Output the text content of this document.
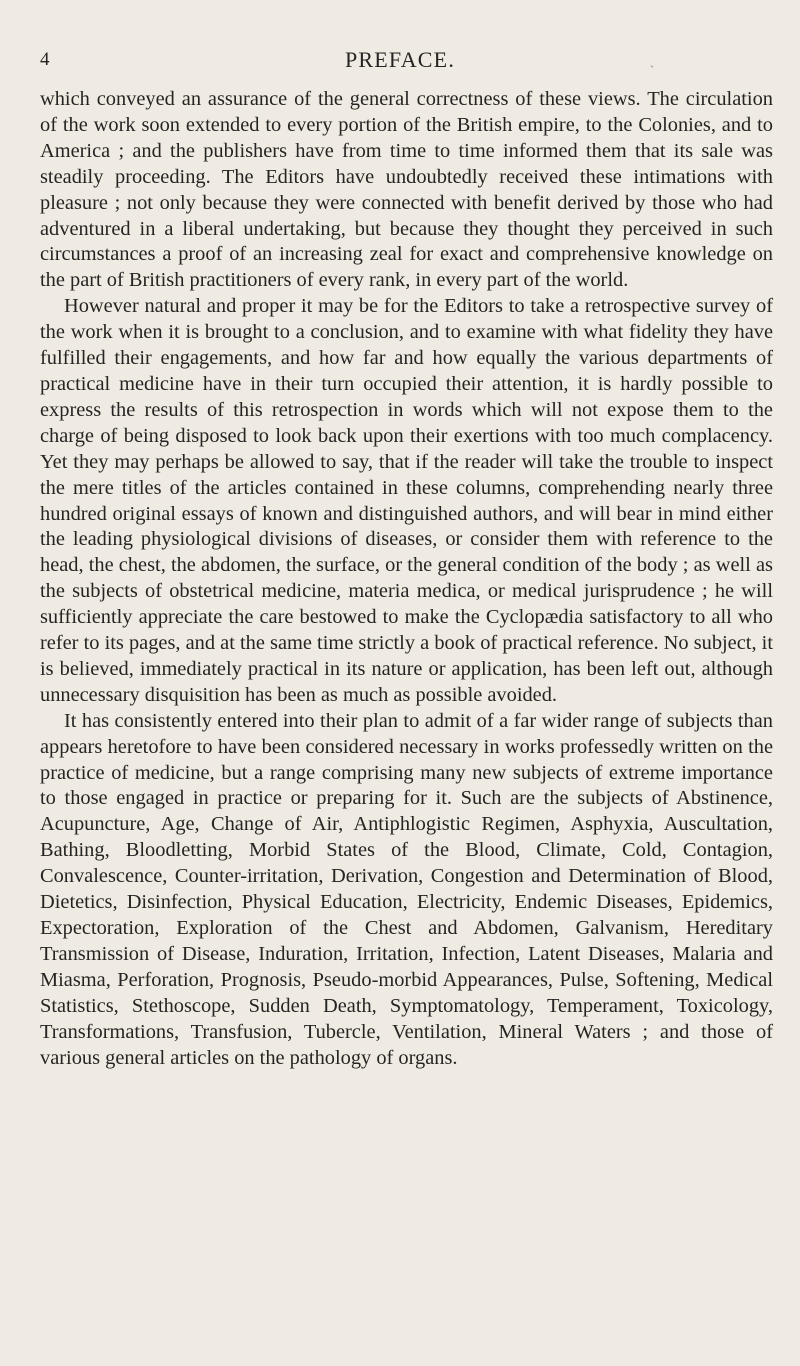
4	PREFACE.	ˎ

which conveyed an assurance of the general correctness of these views. The circulation of the work soon extended to every portion of the British empire, to the Colonies, and to America ; and the publishers have from time to time informed them that its sale was steadily proceeding. The Editors have undoubtedly received these intimations with pleasure ; not only because they were connected with benefit derived by those who had adventured in a liberal undertaking, but because they thought they perceived in such circumstances a proof of an increasing zeal for exact and comprehensive knowledge on the part of British practitioners of every rank, in every part of the world.

However natural and proper it may be for the Editors to take a retrospective survey of the work when it is brought to a conclusion, and to examine with what fidelity they have fulfilled their engagements, and how far and how equally the various departments of practical medicine have in their turn occupied their attention, it is hardly possible to express the results of this retrospection in words which will not expose them to the charge of being disposed to look back upon their exertions with too much complacency. Yet they may perhaps be allowed to say, that if the reader will take the trouble to inspect the mere titles of the articles contained in these columns, comprehending nearly three hundred original essays of known and distinguished authors, and will bear in mind either the leading physiological divisions of diseases, or consider them with reference to the head, the chest, the abdomen, the surface, or the general condition of the body ; as well as the subjects of obstetrical medicine, materia medica, or medical jurisprudence ; he will sufficiently appreciate the care bestowed to make the Cyclopædia satisfactory to all who refer to its pages, and at the same time strictly a book of practical reference. No subject, it is believed, immediately practical in its nature or application, has been left out, although unnecessary disquisition has been as much as possible avoided.

It has consistently entered into their plan to admit of a far wider range of subjects than appears heretofore to have been considered necessary in works professedly written on the practice of medicine, but a range comprising many new subjects of extreme importance to those engaged in practice or preparing for it. Such are the subjects of Abstinence, Acupuncture, Age, Change of Air, Antiphlogistic Regimen, Asphyxia, Auscultation, Bathing, Bloodletting, Morbid States of the Blood, Climate, Cold, Contagion, Convalescence, Counter-irritation, Derivation, Congestion and Determination of Blood, Dietetics, Disinfection, Physical Education, Electricity, Endemic Diseases, Epidemics, Expectoration, Exploration of the Chest and Abdomen, Galvanism, Hereditary Transmission of Disease, Induration, Irritation, Infection, Latent Diseases, Malaria and Miasma, Perforation, Prognosis, Pseudo-morbid Appearances, Pulse, Softening, Medical Statistics, Stethoscope, Sudden Death, Symptomatology, Temperament, Toxicology, Transformations, Transfusion, Tubercle, Ventilation, Mineral Waters ; and those of various general articles on the pathology of organs.
